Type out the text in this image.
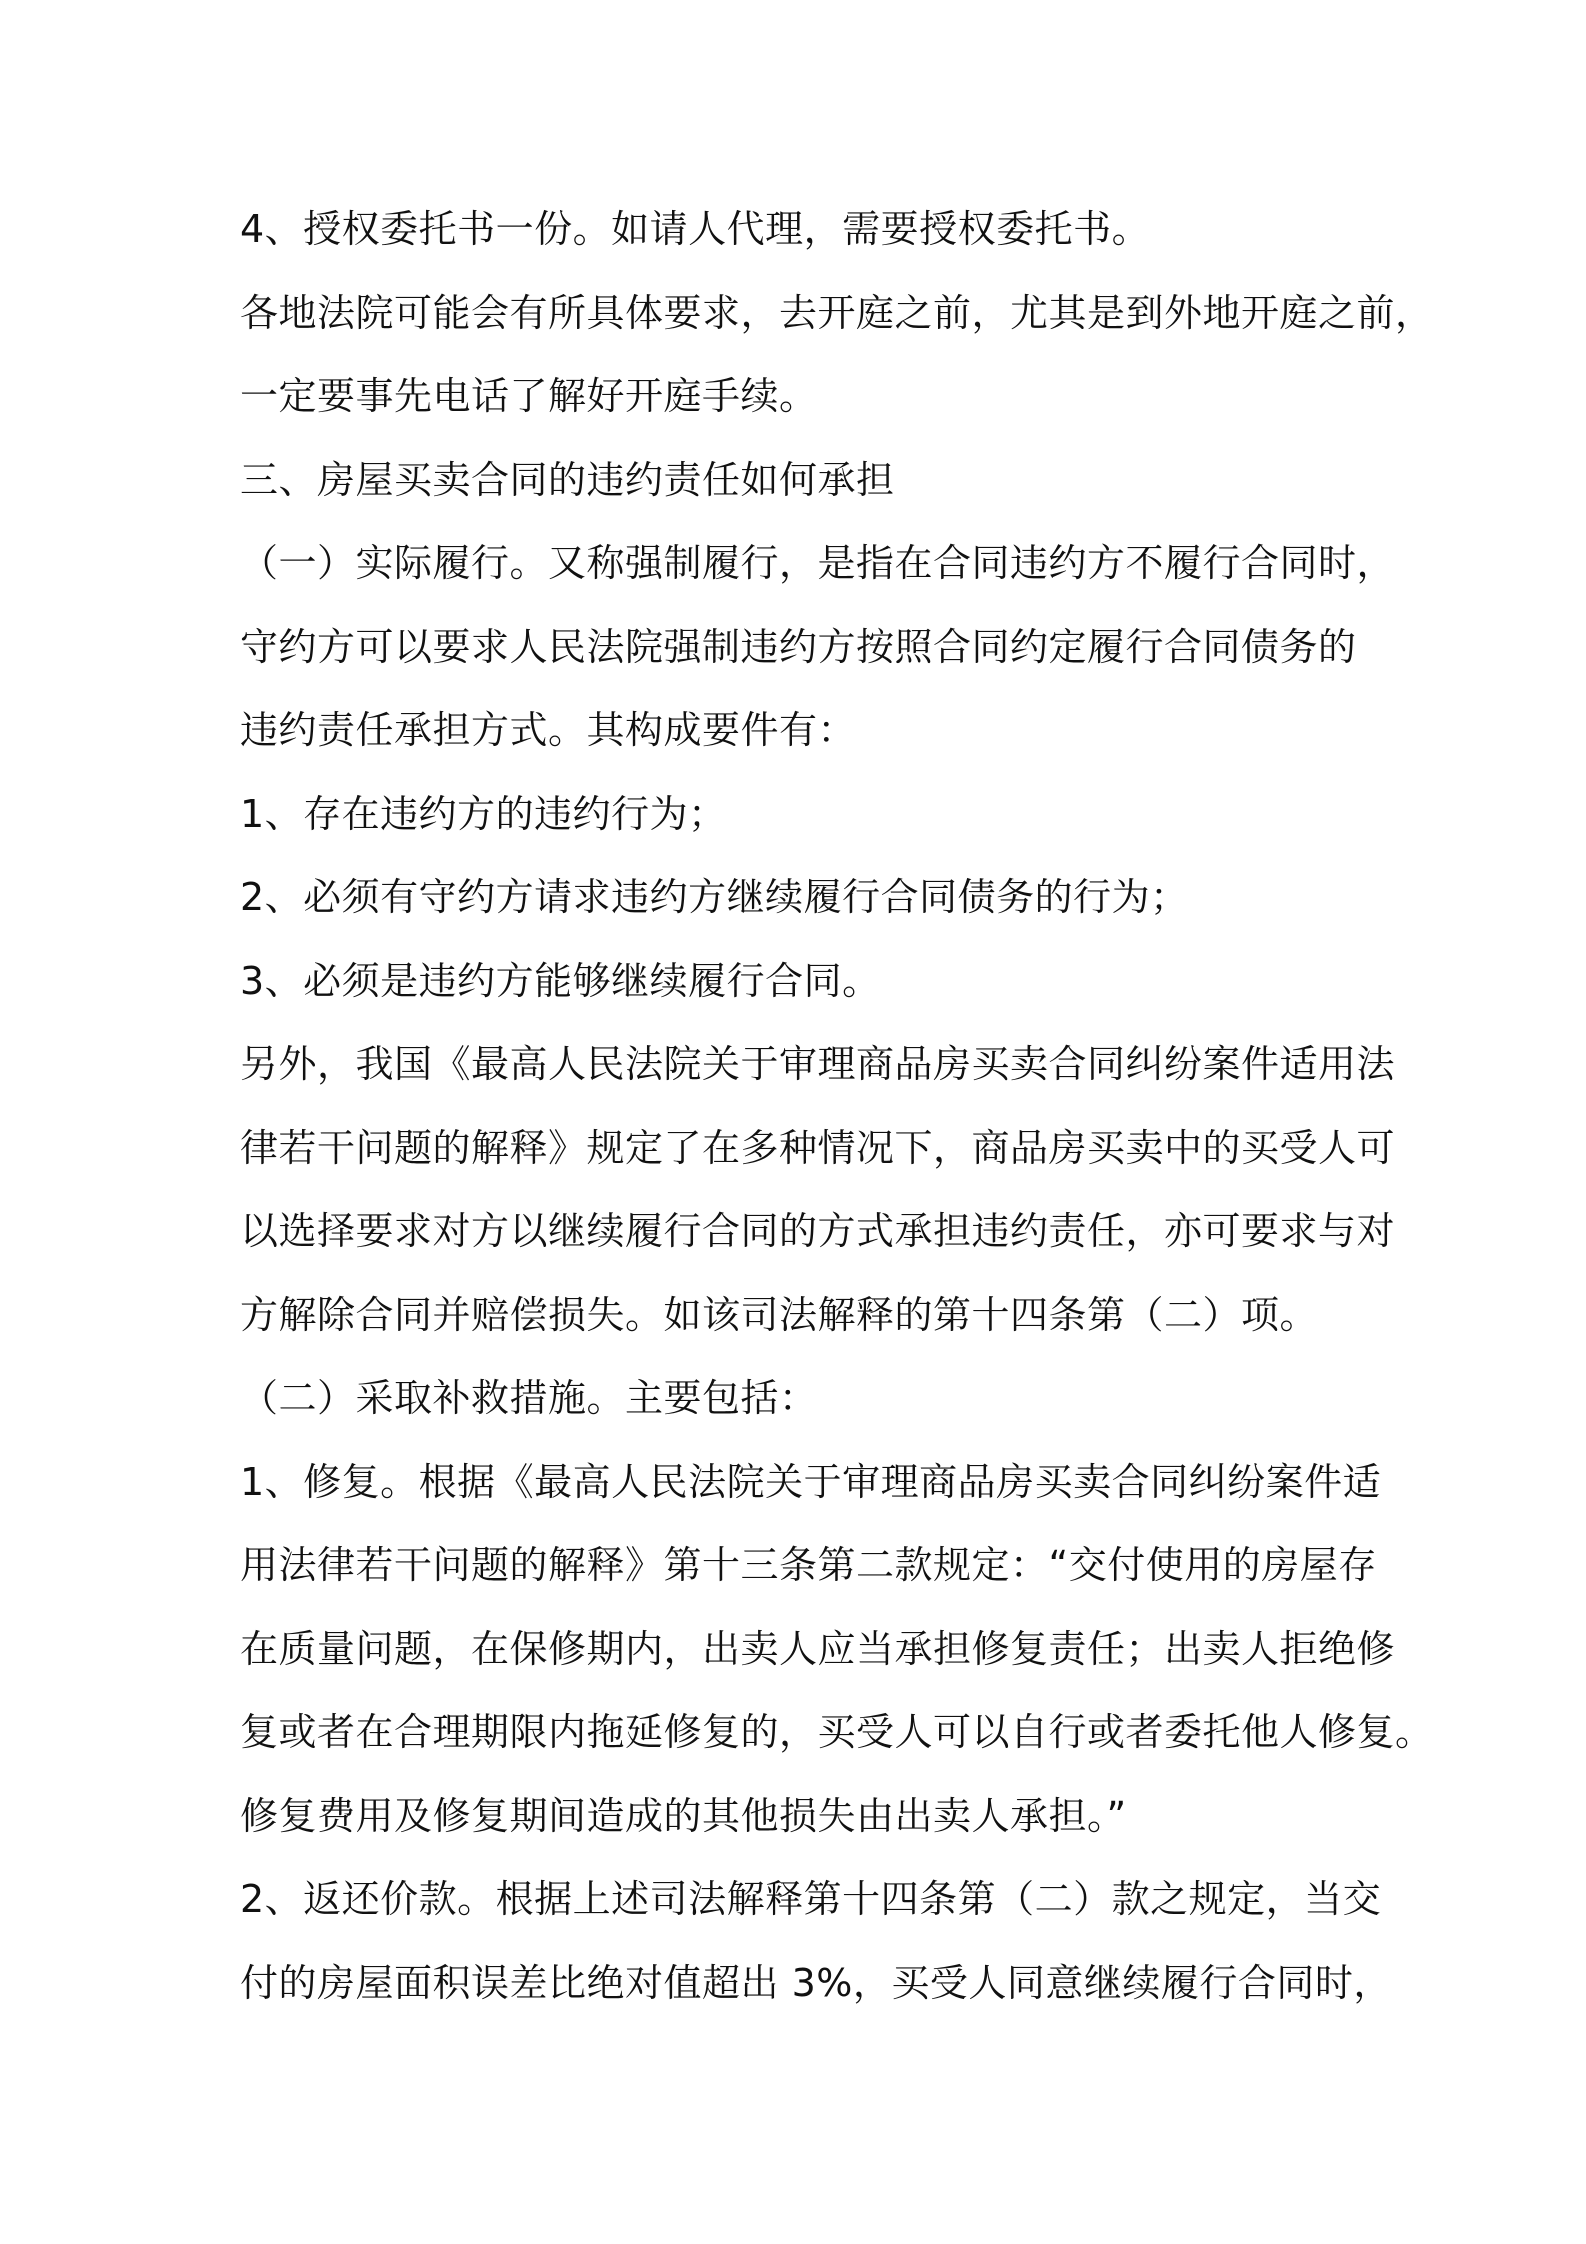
4、授权委托书一份。如请人代理，需要授权委托书。
各地法院可能会有所具体要求，去开庭之前，尤其是到外地开庭之前，
一定要事先电话了解好开庭手续。
三、房屋买卖合同的违约责任如何承担
（一）实际履行。又称强制履行，是指在合同违约方不履行合同时，
守约方可以要求人民法院强制违约方按照合同约定履行合同债务的
违约责任承担方式。其构成要件有：
1、存在违约方的违约行为；
2、必须有守约方请求违约方继续履行合同债务的行为；
3、必须是违约方能够继续履行合同。
另外，我国《最高人民法院关于审理商品房买卖合同纠纷案件适用法
律若干问题的解释》规定了在多种情况下，商品房买卖中的买受人可
以选择要求对方以继续履行合同的方式承担违约责任，亦可要求与对
方解除合同并赔偿损失。如该司法解释的第十四条第（二）项。
（二）采取补救措施。主要包括：
1、修复。根据《最高人民法院关于审理商品房买卖合同纠纷案件适
用法律若干问题的解释》第十三条第二款规定：“交付使用的房屋存
在质量问题，在保修期内，出卖人应当承担修复责任；出卖人拒绝修
复或者在合理期限内拖延修复的，买受人可以自行或者委托他人修复。
修复费用及修复期间造成的其他损失由出卖人承担。”
2、返还价款。根据上述司法解释第十四条第（二）款之规定，当交
付的房屋面积误差比绝对值超出 3%，买受人同意继续履行合同时，
